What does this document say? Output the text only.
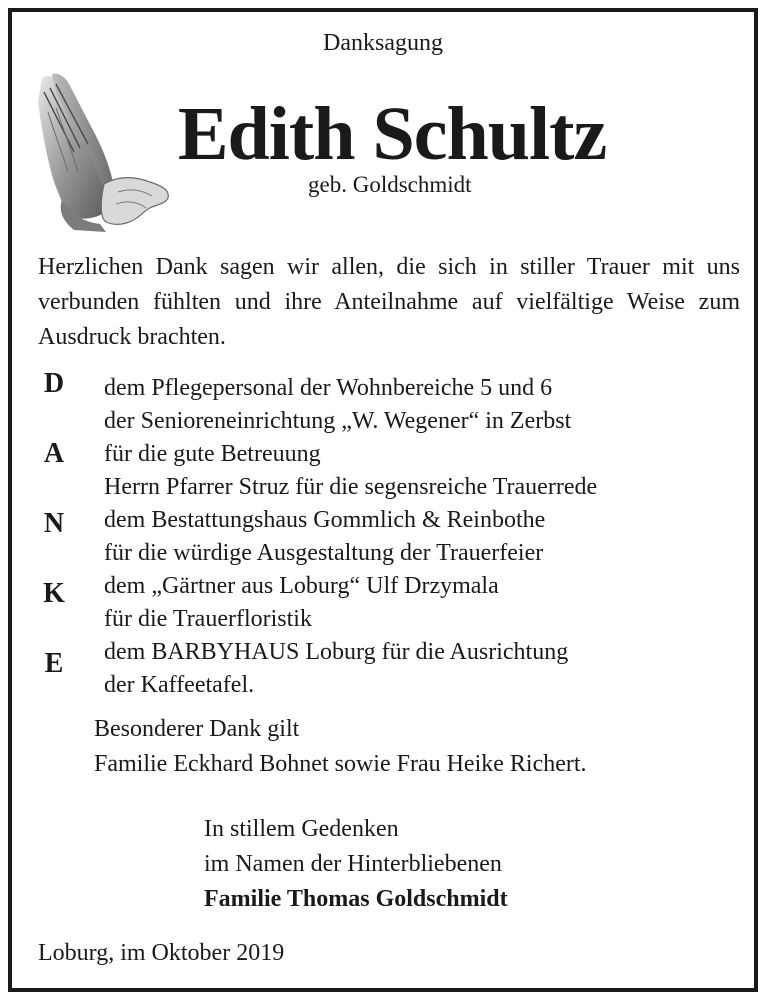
Danksagung
Edith Schultz
geb. Goldschmidt
Herzlichen Dank sagen wir allen, die sich in stiller Trauer mit uns verbunden fühlten und ihre Anteilnahme auf vielfältige Weise zum Ausdruck brachten.
D
A
N
K
E
dem Pflegepersonal der Wohnbereiche 5 und 6
der Senioreneinrichtung „W. Wegener“ in Zerbst
für die gute Betreuung
Herrn Pfarrer Struz für die segensreiche Trauerrede
dem Bestattungshaus Gommlich & Reinbothe
für die würdige Ausgestaltung der Trauerfeier
dem „Gärtner aus Loburg“ Ulf Drzymala
für die Trauerfloristik
dem BARBYHAUS Loburg für die Ausrichtung
der Kaffeetafel.
Besonderer Dank gilt
Familie Eckhard Bohnet sowie Frau Heike Richert.
In stillem Gedenken
im Namen der Hinterbliebenen
Familie Thomas Goldschmidt
Loburg, im Oktober 2019
